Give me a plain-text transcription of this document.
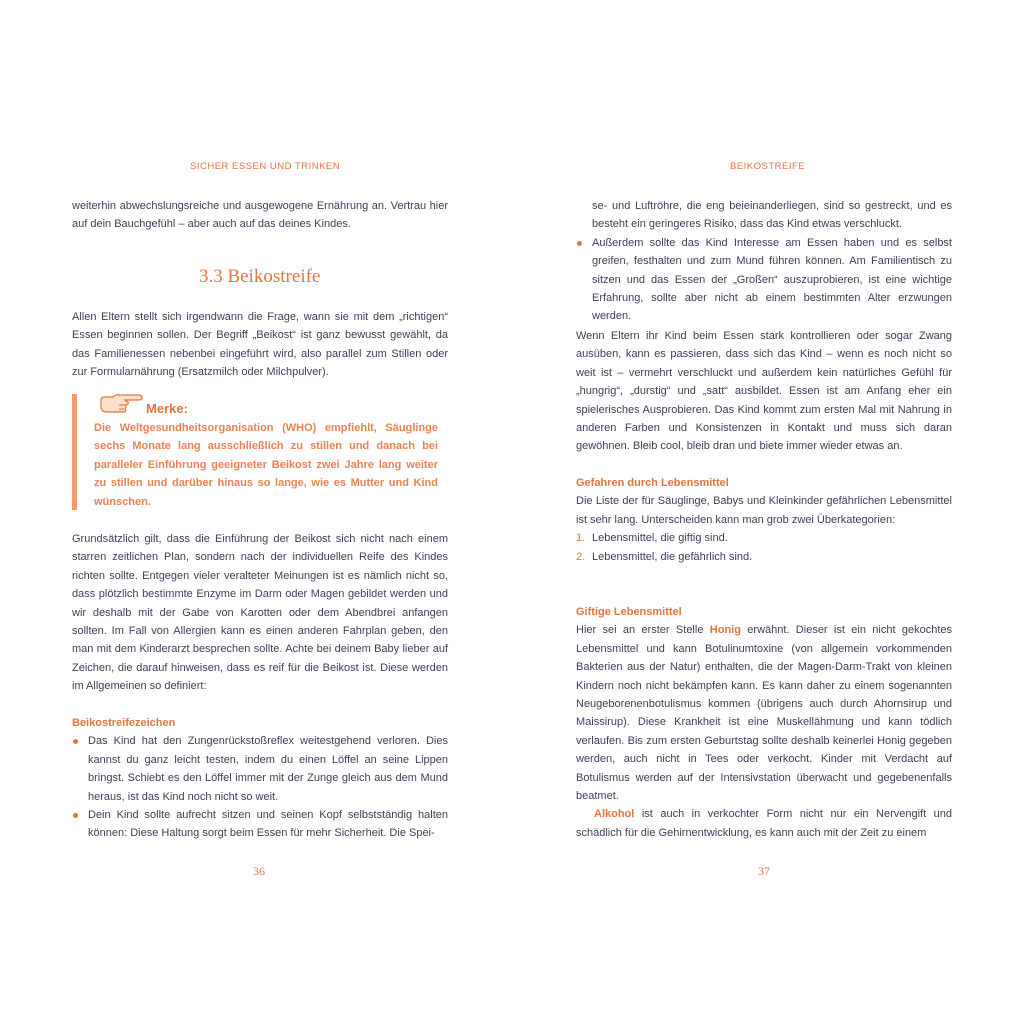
SICHER ESSEN UND TRINKEN

weiterhin abwechslungsreiche und ausgewogene Ernährung an. Vertrau hier auf dein Bauchgefühl – aber auch auf das deines Kindes.

3.3 Beikostreife

Allen Eltern stellt sich irgendwann die Frage, wann sie mit dem „richtigen“ Essen beginnen sollen. Der Begriff „Beikost“ ist ganz bewusst gewählt, da das Familienessen nebenbei eingeführt wird, also parallel zum Stillen oder zur Formularnährung (Ersatzmilch oder Milchpulver).

Merke:
Die Weltgesundheitsorganisation (WHO) empfiehlt, Säuglinge sechs Monate lang ausschließlich zu stillen und danach bei paralleler Einführung geeigneter Beikost zwei Jahre lang weiter zu stillen und darüber hinaus so lange, wie es Mutter und Kind wünschen.

Grundsätzlich gilt, dass die Einführung der Beikost sich nicht nach einem starren zeitlichen Plan, sondern nach der individuellen Reife des Kindes richten sollte. Entgegen vieler veralteter Meinungen ist es nämlich nicht so, dass plötzlich bestimmte Enzyme im Darm oder Magen gebildet werden und wir deshalb mit der Gabe von Karotten oder dem Abendbrei anfangen sollten. Im Fall von Allergien kann es einen anderen Fahrplan geben, den man mit dem Kinderarzt besprechen sollte. Achte bei deinem Baby lieber auf Zeichen, die darauf hinweisen, dass es reif für die Beikost ist. Diese werden im Allgemeinen so definiert:

Beikostreifezeichen

Das Kind hat den Zungenrückstoßreflex weitestgehend verloren. Dies kannst du ganz leicht testen, indem du einen Löffel an seine Lippen bringst. Schiebt es den Löffel immer mit der Zunge gleich aus dem Mund heraus, ist das Kind noch nicht so weit.
Dein Kind sollte aufrecht sitzen und seinen Kopf selbstständig halten können: Diese Haltung sorgt beim Essen für mehr Sicherheit. Die Spei-
36
BEIKOSTREIFE
se- und Luftröhre, die eng beieinanderliegen, sind so gestreckt, und es besteht ein geringeres Risiko, dass das Kind etwas verschluckt.
Außerdem sollte das Kind Interesse am Essen haben und es selbst greifen, festhalten und zum Mund führen können. Am Familientisch zu sitzen und das Essen der „Großen“ auszuprobieren, ist eine wichtige Erfahrung, sollte aber nicht ab einem bestimmten Alter erzwungen werden.

Wenn Eltern ihr Kind beim Essen stark kontrollieren oder sogar Zwang ausüben, kann es passieren, dass sich das Kind – wenn es noch nicht so weit ist – vermehrt verschluckt und außerdem kein natürliches Gefühl für „hungrig“, „durstig“ und „satt“ ausbildet. Essen ist am Anfang eher ein spielerisches Ausprobieren. Das Kind kommt zum ersten Mal mit Nahrung in anderen Farben und Konsistenzen in Kontakt und muss sich daran gewöhnen. Bleib cool, bleib dran und biete immer wieder etwas an.

Gefahren durch Lebensmittel

Die Liste der für Säuglinge, Babys und Kleinkinder gefährlichen Lebensmittel ist sehr lang. Unterscheiden kann man grob zwei Überkategorien:

1. Lebensmittel, die giftig sind.
2. Lebensmittel, die gefährlich sind.

Giftige Lebensmittel

Hier sei an erster Stelle Honig erwähnt. Dieser ist ein nicht gekochtes Lebensmittel und kann Botulinumtoxine (von allgemein vorkommenden Bakterien aus der Natur) enthalten, die der Magen-Darm-Trakt von kleinen Kindern noch nicht bekämpfen kann. Es kann daher zu einem sogenannten Neugeborenenbotulismus kommen (übrigens auch durch Ahornsirup und Maissirup). Diese Krankheit ist eine Muskellähmung und kann tödlich verlaufen. Bis zum ersten Geburtstag sollte deshalb keinerlei Honig gegeben werden, auch nicht in Tees oder verkocht. Kinder mit Verdacht auf Botulismus werden auf der Intensivstation überwacht und gegebenenfalls beatmet.

Alkohol ist auch in verkochter Form nicht nur ein Nervengift und schädlich für die Gehirnentwicklung, es kann auch mit der Zeit zu einem

37
